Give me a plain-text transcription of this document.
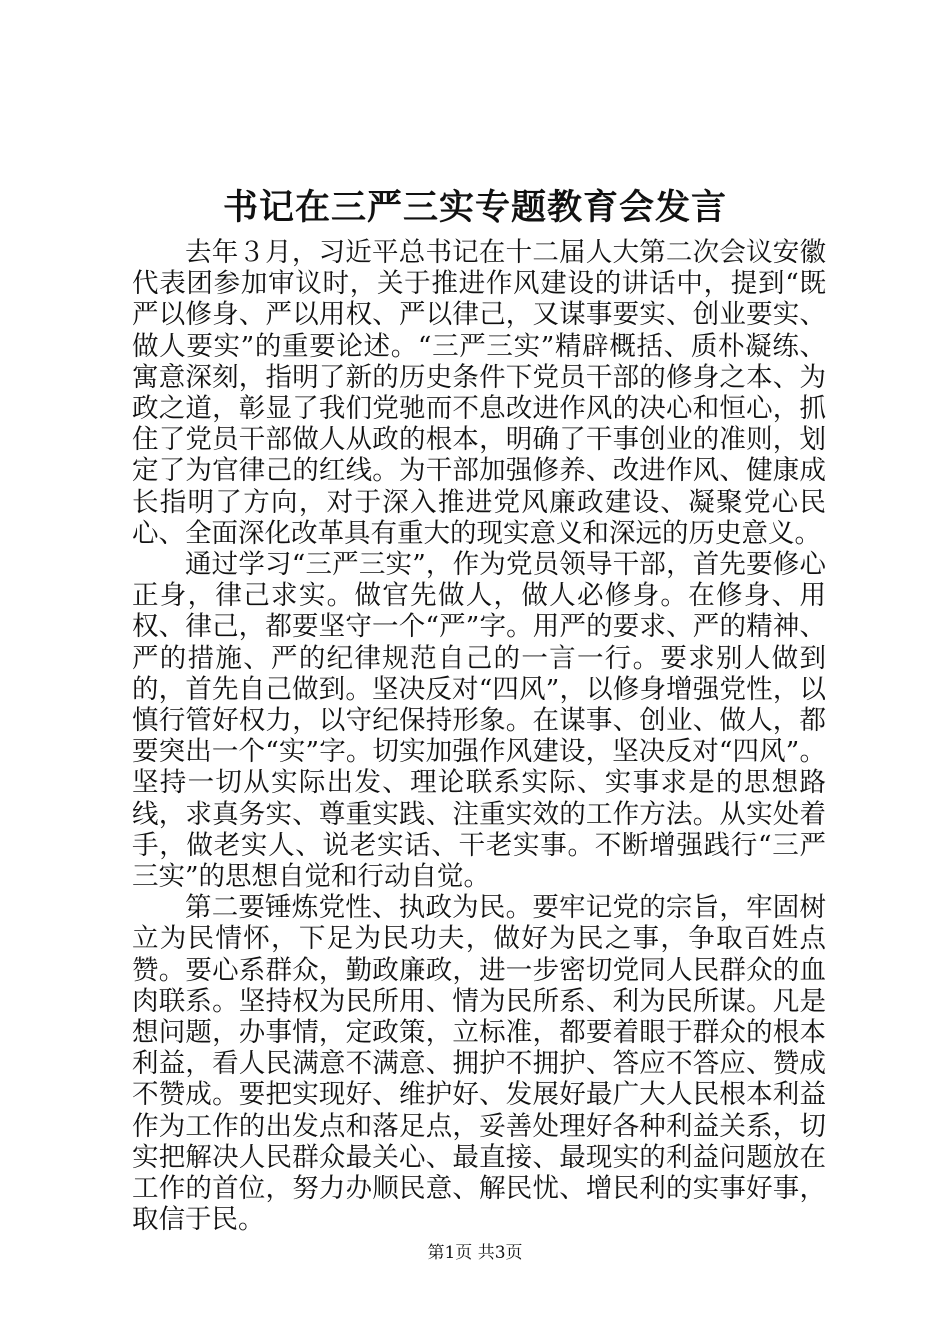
书记在三严三实专题教育会发言

去年３月，习近平总书记在十二届人大第二次会议安徽代表团参加审议时，关于推进作风建设的讲话中，提到“既严以修身、严以用权、严以律己，又谋事要实、创业要实、做人要实”的重要论述。“三严三实”精辟概括、质朴凝练、寓意深刻，指明了新的历史条件下党员干部的修身之本、为政之道，彰显了我们党驰而不息改进作风的决心和恒心，抓住了党员干部做人从政的根本，明确了干事创业的准则，划定了为官律己的红线。为干部加强修养、改进作风、健康成长指明了方向，对于深入推进党风廉政建设、凝聚党心民心、全面深化改革具有重大的现实意义和深远的历史意义。

通过学习“三严三实”，作为党员领导干部，首先要修心正身，律己求实。做官先做人，做人必修身。在修身、用权、律己，都要坚守一个“严”字。用严的要求、严的精神、严的措施、严的纪律规范自己的一言一行。要求别人做到的，首先自己做到。坚决反对“四风”，以修身增强党性，以慎行管好权力，以守纪保持形象。在谋事、创业、做人，都要突出一个“实”字。切实加强作风建设，坚决反对“四风”。坚持一切从实际出发、理论联系实际、实事求是的思想路线，求真务实、尊重实践、注重实效的工作方法。从实处着手，做老实人、说老实话、干老实事。不断增强践行“三严三实”的思想自觉和行动自觉。

第二要锤炼党性、执政为民。要牢记党的宗旨，牢固树立为民情怀，下足为民功夫，做好为民之事，争取百姓点赞。要心系群众，勤政廉政，进一步密切党同人民群众的血肉联系。坚持权为民所用、情为民所系、利为民所谋。凡是想问题，办事情，定政策，立标准，都要着眼于群众的根本利益，看人民满意不满意、拥护不拥护、答应不答应、赞成不赞成。要把实现好、维护好、发展好最广大人民根本利益作为工作的出发点和落足点，妥善处理好各种利益关系，切实把解决人民群众最关心、最直接、最现实的利益问题放在工作的首位，努力办顺民意、解民忧、增民利的实事好事，取信于民。

第1页 共3页
